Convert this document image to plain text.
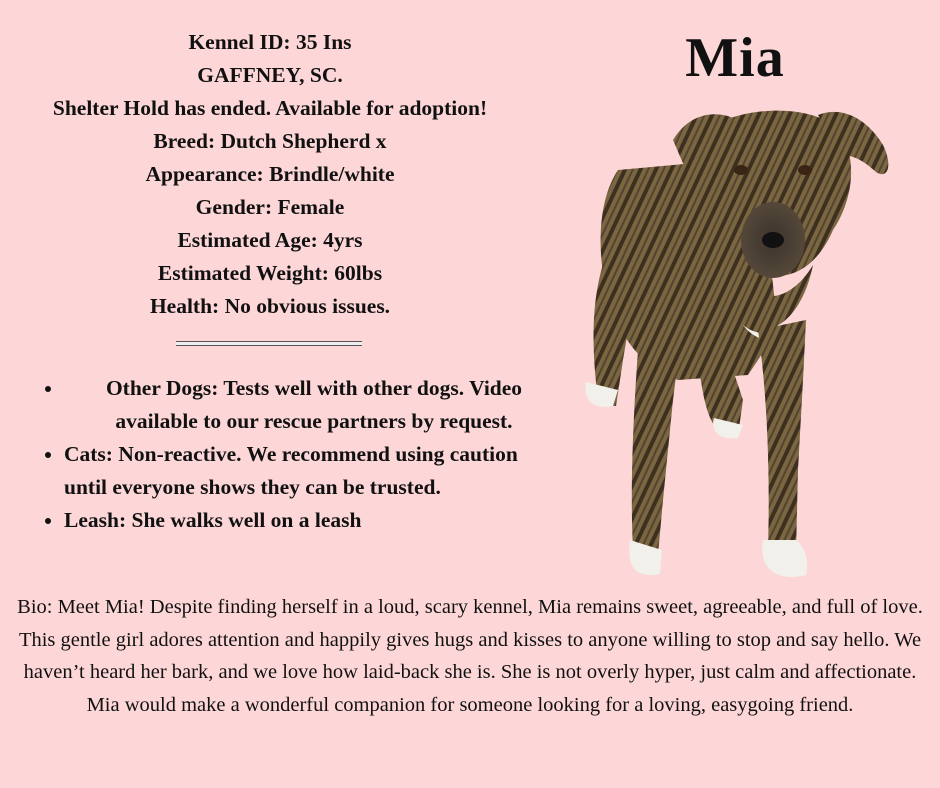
Kennel ID: 35 Ins
GAFFNEY, SC.
Shelter Hold has ended. Available for adoption!
Breed: Dutch Shepherd x
Appearance: Brindle/white
Gender: Female
Estimated Age: 4yrs
Estimated Weight: 60lbs
Health: No obvious issues.
• Other Dogs: Tests well with other dogs. Video available to our rescue partners by request.
• Cats: Non-reactive. We recommend using caution until everyone shows they can be trusted.
• Leash: She walks well on a leash
Mia
Bio: Meet Mia! Despite finding herself in a loud, scary kennel, Mia remains sweet, agreeable, and full of love. This gentle girl adores attention and happily gives hugs and kisses to anyone willing to stop and say hello. We haven’t heard her bark, and we love how laid-back she is. She is not overly hyper, just calm and affectionate. Mia would make a wonderful companion for someone looking for a loving, easygoing friend.
